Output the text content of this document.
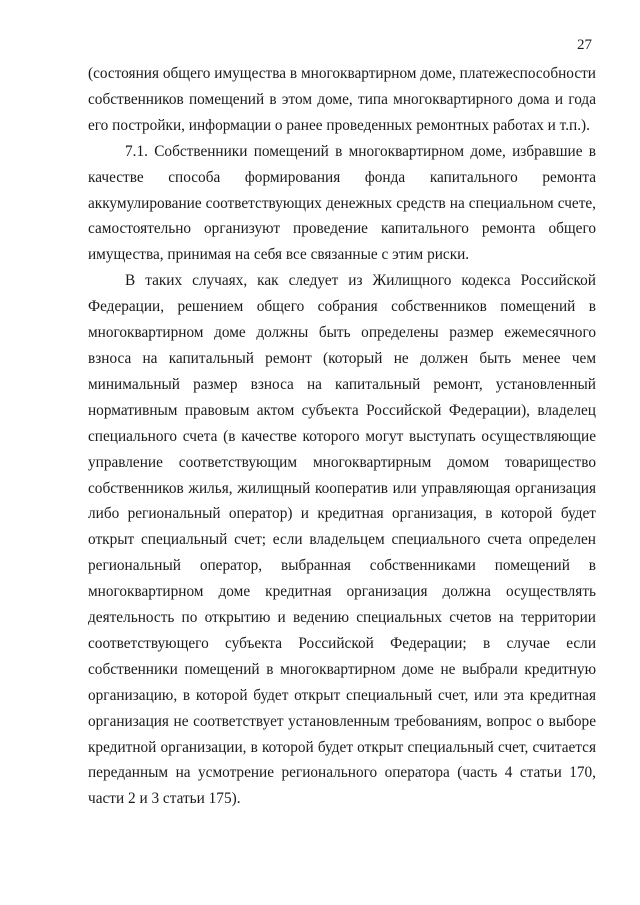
27

(состояния общего имущества в многоквартирном доме, платежеспособности собственников помещений в этом доме, типа многоквартирного дома и года его постройки, информации о ранее проведенных ремонтных работах и т.п.).

7.1. Собственники помещений в многоквартирном доме, избравшие в качестве способа формирования фонда капитального ремонта аккумулирование соответствующих денежных средств на специальном счете, самостоятельно организуют проведение капитального ремонта общего имущества, принимая на себя все связанные с этим риски.

В таких случаях, как следует из Жилищного кодекса Российской Федерации, решением общего собрания собственников помещений в многоквартирном доме должны быть определены размер ежемесячного взноса на капитальный ремонт (который не должен быть менее чем минимальный размер взноса на капитальный ремонт, установленный нормативным правовым актом субъекта Российской Федерации), владелец специального счета (в качестве которого могут выступать осуществляющие управление соответствующим многоквартирным домом товарищество собственников жилья, жилищный кооператив или управляющая организация либо региональный оператор) и кредитная организация, в которой будет открыт специальный счет; если владельцем специального счета определен региональный оператор, выбранная собственниками помещений в многоквартирном доме кредитная организация должна осуществлять деятельность по открытию и ведению специальных счетов на территории соответствующего субъекта Российской Федерации; в случае если собственники помещений в многоквартирном доме не выбрали кредитную организацию, в которой будет открыт специальный счет, или эта кредитная организация не соответствует установленным требованиям, вопрос о выборе кредитной организации, в которой будет открыт специальный счет, считается переданным на усмотрение регионального оператора (часть 4 статьи 170, части 2 и 3 статьи 175).
